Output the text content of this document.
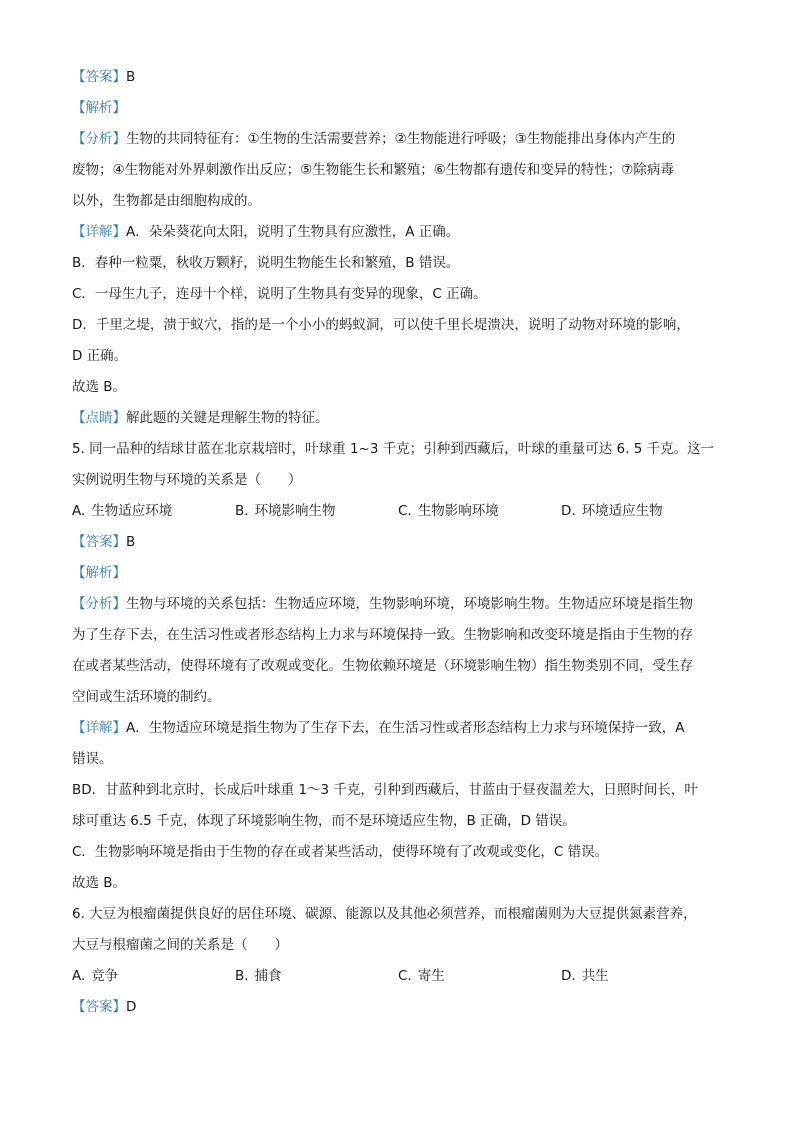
【答案】B
【解析】
【分析】生物的共同特征有：①生物的生活需要营养；②生物能进行呼吸；③生物能排出身体内产生的
废物；④生物能对外界刺激作出反应；⑤生物能生长和繁殖；⑥生物都有遗传和变异的特性；⑦除病毒
以外，生物都是由细胞构成的。
【详解】A．朵朵葵花向太阳，说明了生物具有应激性，A 正确。
B．春种一粒粟，秋收万颗籽，说明生物能生长和繁殖，B 错误。
C．一母生九子，连母十个样，说明了生物具有变异的现象，C 正确。
D．千里之堤，溃于蚁穴，指的是一个小小的蚂蚁洞，可以使千里长堤溃决，说明了动物对环境的影响，
D 正确。
故选 B。
【点睛】解此题的关键是理解生物的特征。
5. 同一品种的结球甘蓝在北京栽培时，叶球重 1~3 千克；引种到西藏后，叶球的重量可达 6. 5 千克。这一
实例说明生物与环境的关系是（　　）
A. 生物适应环境	B. 环境影响生物	C. 生物影响环境	D. 环境适应生物
【答案】B
【解析】
【分析】生物与环境的关系包括：生物适应环境，生物影响环境，环境影响生物。生物适应环境是指生物
为了生存下去，在生活习性或者形态结构上力求与环境保持一致。生物影响和改变环境是指由于生物的存
在或者某些活动，使得环境有了改观或变化。生物依赖环境是（环境影响生物）指生物类别不同，受生存
空间或生活环境的制约。
【详解】A．生物适应环境是指生物为了生存下去，在生活习性或者形态结构上力求与环境保持一致，A
错误。
BD．甘蓝种到北京时，长成后叶球重 1～3 千克，引种到西藏后，甘蓝由于昼夜温差大，日照时间长，叶
球可重达 6.5 千克，体现了环境影响生物，而不是环境适应生物，B 正确，D 错误。
C．生物影响环境是指由于生物的存在或者某些活动，使得环境有了改观或变化，C 错误。
故选 B。
6. 大豆为根瘤菌提供良好的居住环境、碳源、能源以及其他必须营养，而根瘤菌则为大豆提供氮素营养，
大豆与根瘤菌之间的关系是（　　）
A. 竞争	B. 捕食	C. 寄生	D. 共生
【答案】D
